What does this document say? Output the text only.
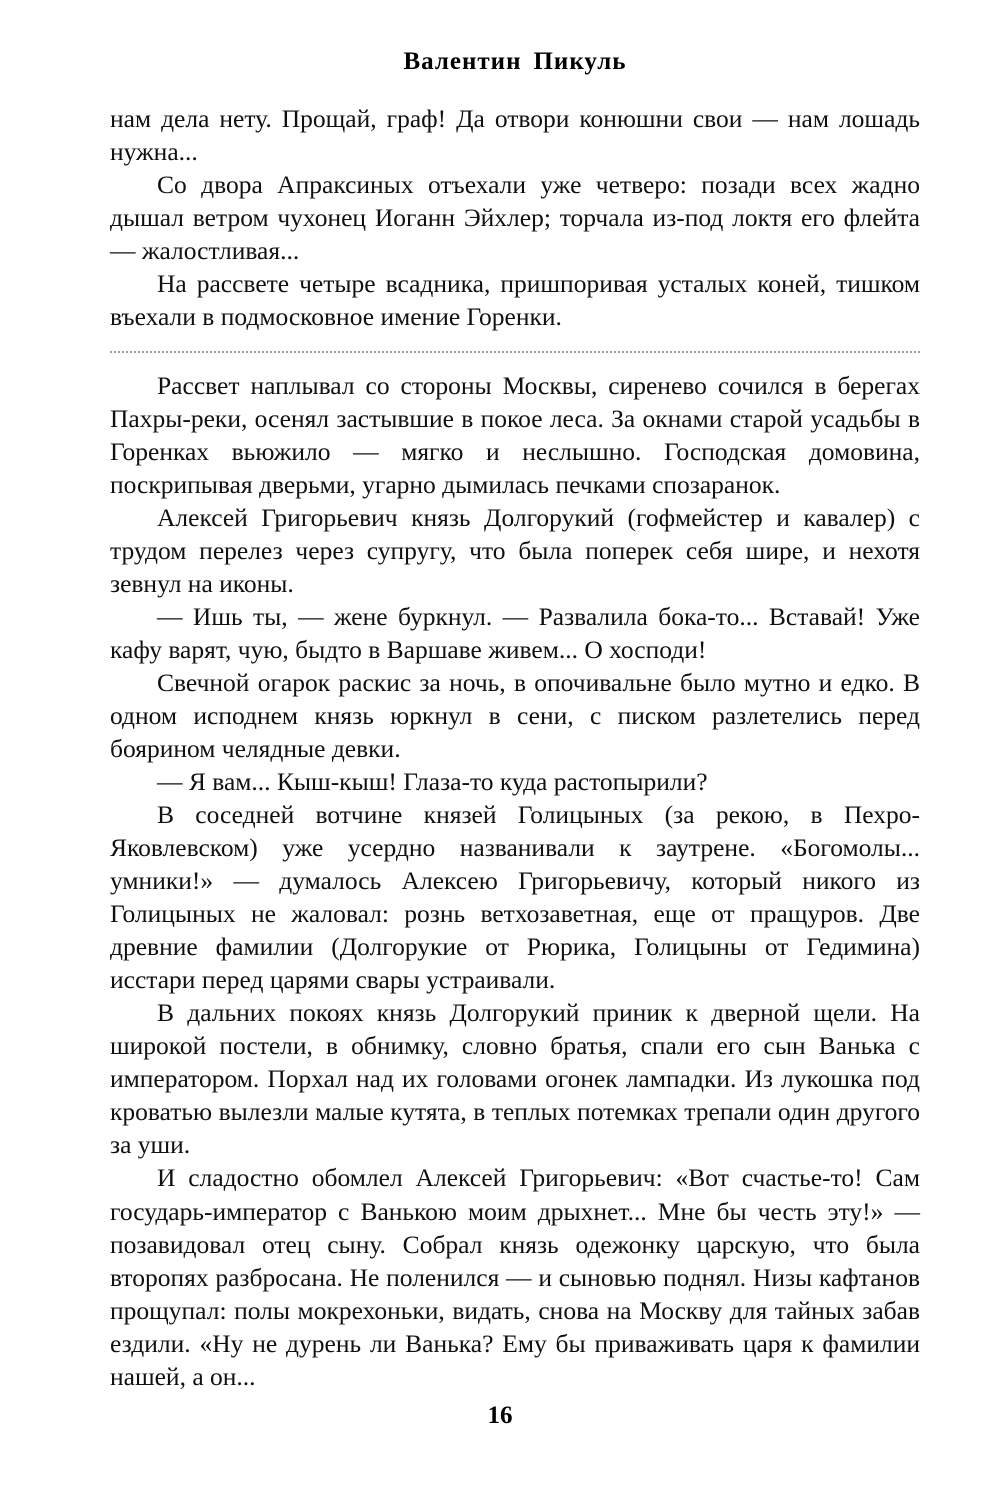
Валентин Пикуль

нам дела нету. Прощай, граф! Да отвори конюшни свои — нам лошадь нужна...

Со двора Апраксиных отъехали уже четверо: позади всех жадно дышал ветром чухонец Иоганн Эйхлер; торчала из-под локтя его флейта — жалостливая...

На рассвете четыре всадника, пришпоривая усталых коней, тишком въехали в подмосковное имение Горенки.

Рассвет наплывал со стороны Москвы, сиренево сочился в берегах Пахры-реки, осенял застывшие в покое леса. За окнами старой усадьбы в Горенках вьюжило — мягко и неслышно. Господская домовина, поскрипывая дверьми, угарно дымилась печками спозаранок.

Алексей Григорьевич князь Долгорукий (гофмейстер и кавалер) с трудом перелез через супругу, что была поперек себя шире, и нехотя зевнул на иконы.

— Ишь ты, — жене буркнул. — Развалила бока-то... Вставай! Уже кафу варят, чую, быдто в Варшаве живем... О хосподи!

Свечной огарок раскис за ночь, в опочивальне было мутно и едко. В одном исподнем князь юркнул в сени, с писком разлетелись перед боярином челядные девки.

— Я вам... Кыш-кыш! Глаза-то куда растопырили?

В соседней вотчине князей Голицыных (за рекою, в Пехро-Яковлевском) уже усердно названивали к заутрене. «Богомолы... умники!» — думалось Алексею Григорьевичу, который никого из Голицыных не жаловал: рознь ветхозаветная, еще от пращуров. Две древние фамилии (Долгорукие от Рюрика, Голицыны от Гедимина) исстари перед царями свары устраивали.

В дальних покоях князь Долгорукий приник к дверной щели. На широкой постели, в обнимку, словно братья, спали его сын Ванька с императором. Порхал над их головами огонек лампадки. Из лукошка под кроватью вылезли малые кутята, в теплых потемках трепали один другого за уши.

И сладостно обомлел Алексей Григорьевич: «Вот счастье-то! Сам государь-император с Ванькою моим дрыхнет... Мне бы честь эту!» — позавидовал отец сыну. Собрал князь одежонку царскую, что была второпях разбросана. Не поленился — и сыновью поднял. Низы кафтанов прощупал: полы мокрехоньки, видать, снова на Москву для тайных забав ездили. «Ну не дурень ли Ванька? Ему бы приваживать царя к фамилии нашей, а он...

16
